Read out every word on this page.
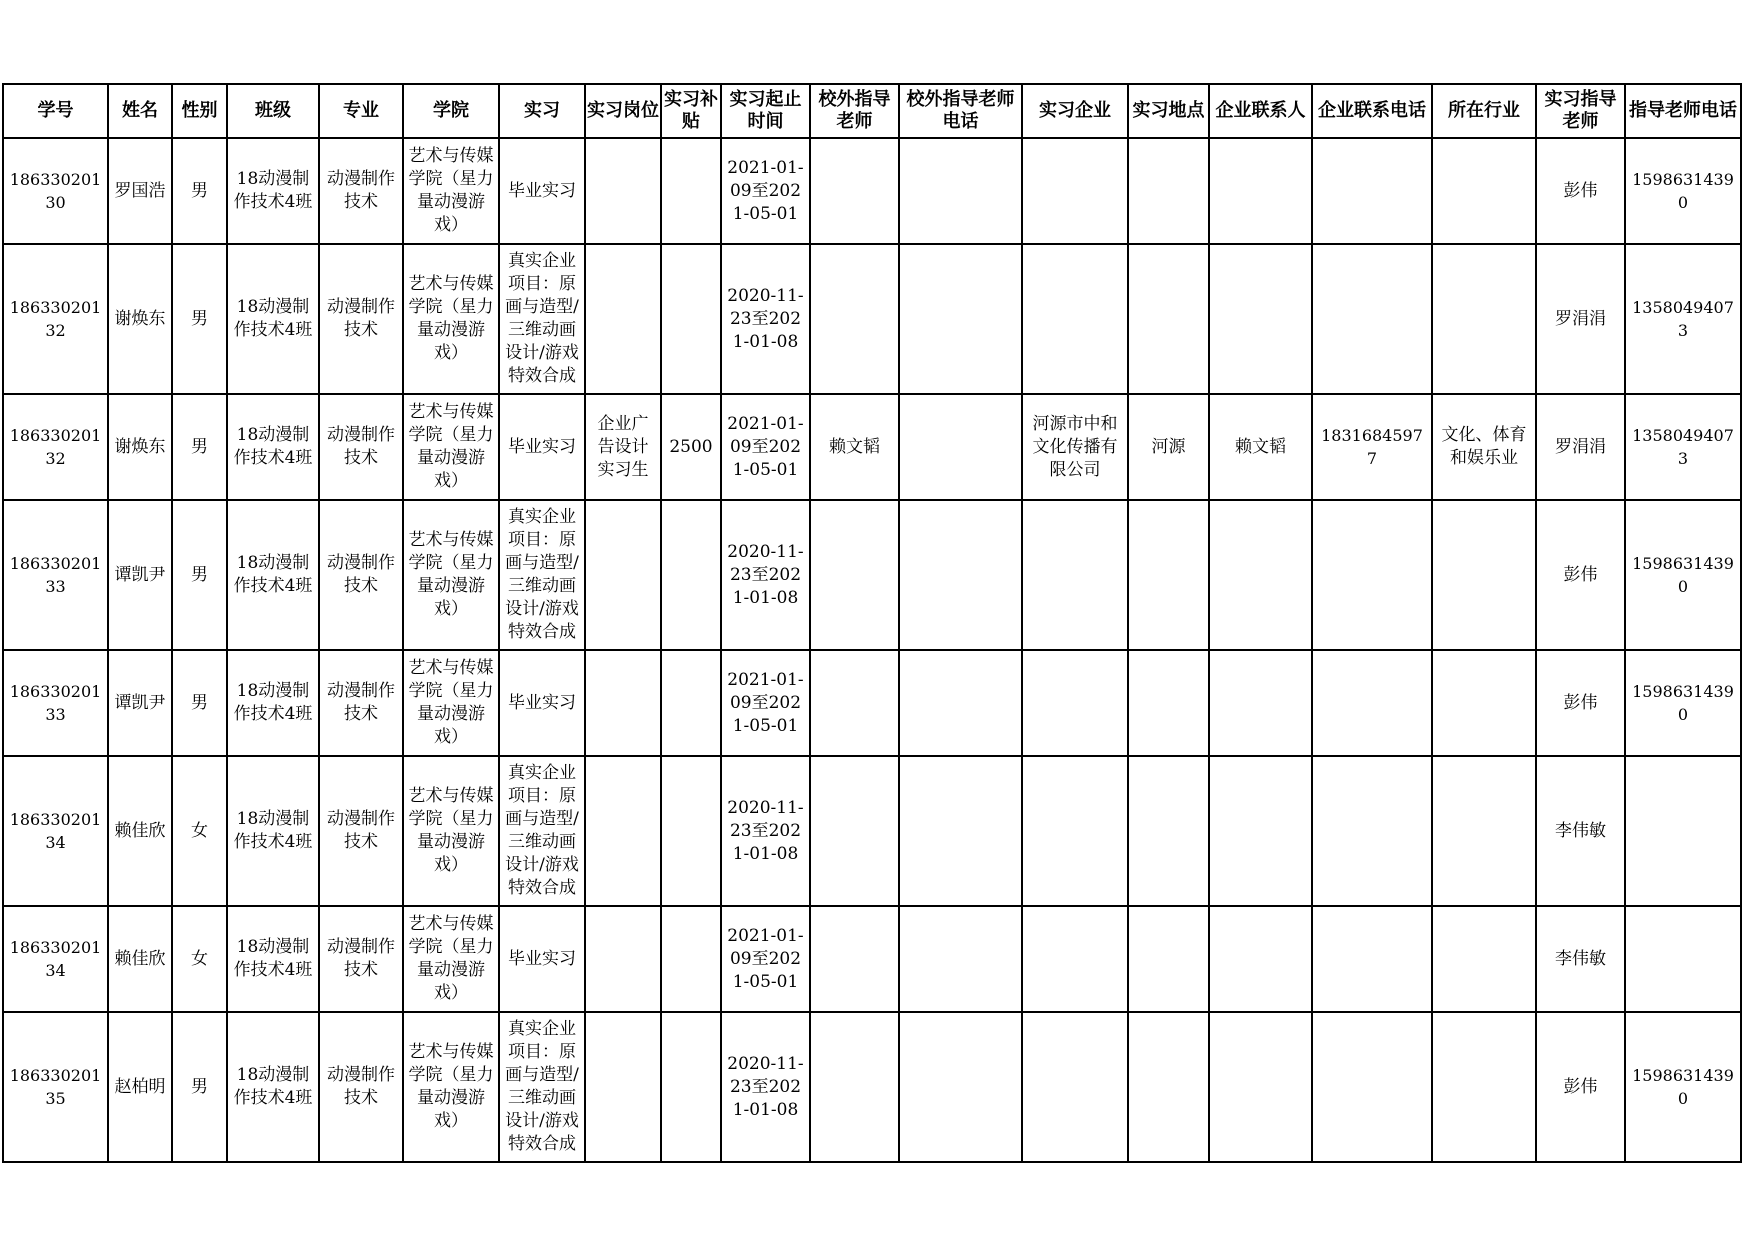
学号	姓名	性别	班级	专业	学院	实习	实习岗位	实习补贴	实习起止时间	校外指导老师	校外指导老师电话	实习企业	实习地点	企业联系人	企业联系电话	所在行业	实习指导老师	指导老师电话

18633020130	罗国浩	男	18动漫制作技术4班	动漫制作技术	艺术与传媒学院（星力量动漫游戏）	毕业实习			2021-01-09至2021-05-01								彭伟	15986314390

18633020132	谢焕东	男	18动漫制作技术4班	动漫制作技术	艺术与传媒学院（星力量动漫游戏）	真实企业项目：原画与造型/三维动画设计/游戏特效合成			2020-11-23至2021-01-08								罗涓涓	13580494073

18633020132	谢焕东	男	18动漫制作技术4班	动漫制作技术	艺术与传媒学院（星力量动漫游戏）	毕业实习	企业广告设计实习生	2500	2021-01-09至2021-05-01	赖文韬		河源市中和文化传播有限公司	河源	赖文韬	18316845977	文化、体育和娱乐业	罗涓涓	13580494073

18633020133	谭凯尹	男	18动漫制作技术4班	动漫制作技术	艺术与传媒学院（星力量动漫游戏）	真实企业项目：原画与造型/三维动画设计/游戏特效合成			2020-11-23至2021-01-08								彭伟	15986314390

18633020133	谭凯尹	男	18动漫制作技术4班	动漫制作技术	艺术与传媒学院（星力量动漫游戏）	毕业实习			2021-01-09至2021-05-01								彭伟	15986314390

18633020134	赖佳欣	女	18动漫制作技术4班	动漫制作技术	艺术与传媒学院（星力量动漫游戏）	真实企业项目：原画与造型/三维动画设计/游戏特效合成			2020-11-23至2021-01-08								李伟敏	

18633020134	赖佳欣	女	18动漫制作技术4班	动漫制作技术	艺术与传媒学院（星力量动漫游戏）	毕业实习			2021-01-09至2021-05-01								李伟敏	

18633020135	赵柏明	男	18动漫制作技术4班	动漫制作技术	艺术与传媒学院（星力量动漫游戏）	真实企业项目：原画与造型/三维动画设计/游戏特效合成			2020-11-23至2021-01-08								彭伟	15986314390
